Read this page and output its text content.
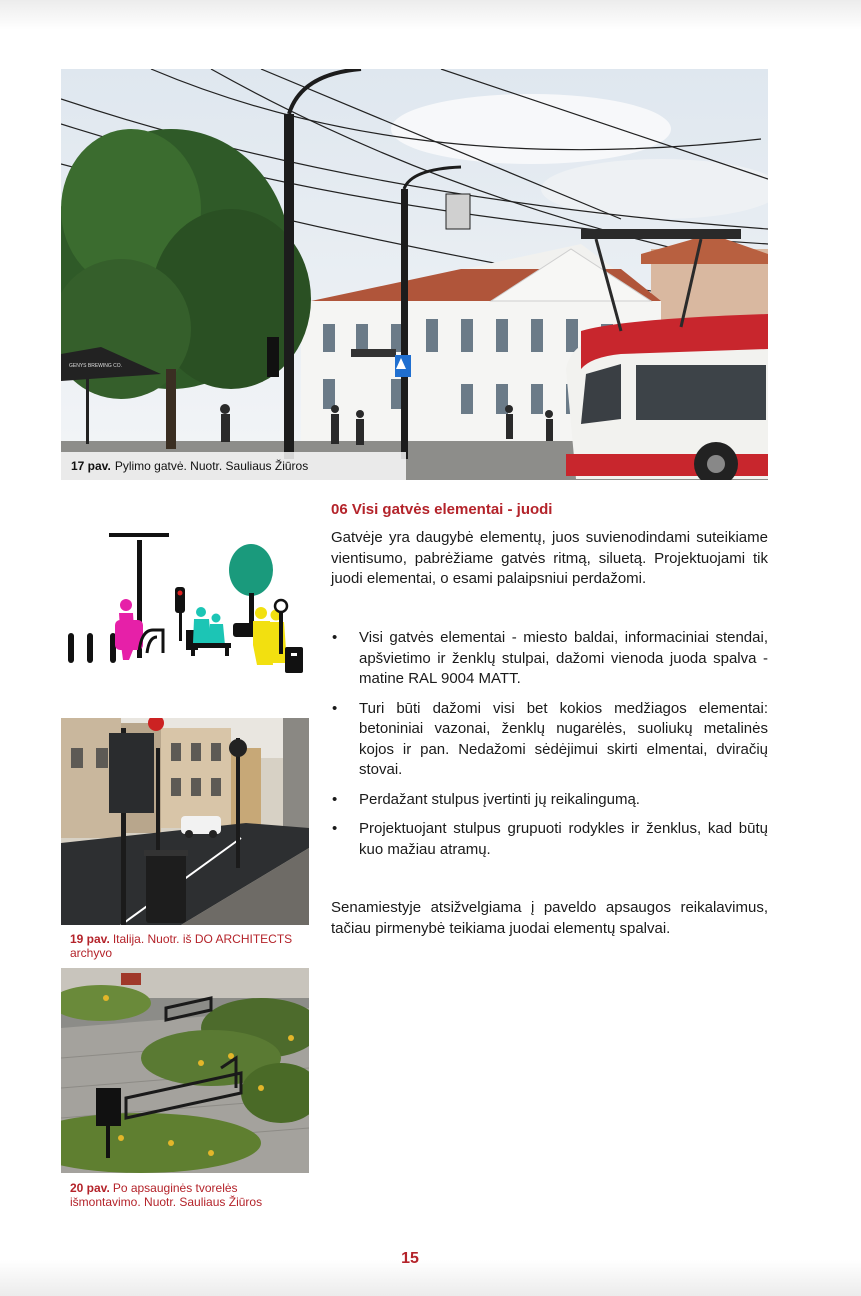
GENYS BREWING CO.
17 pav. Pylimo gatvė. Nuotr. Sauliaus Žiūros
19 pav. Italija. Nuotr. iš DO ARCHITECTS archyvo
20 pav. Po apsauginės tvorelės išmontavimo. Nuotr. Sauliaus Žiūros
06 Visi gatvės elementai - juodi
Gatvėje yra daugybė elementų, juos suvienodindami suteikiame vientisumo, pabrėžiame gatvės ritmą, siluetą. Projektuojami tik juodi elementai, o esami palaipsniui perdažomi.
• Visi gatvės elementai - miesto baldai, informaciniai stendai, apšvietimo ir ženklų stulpai, dažomi vienoda juoda spalva - matine RAL 9004 MATT.
• Turi būti dažomi visi bet kokios medžiagos elementai: betoniniai vazonai, ženklų nugarėlės, suoliukų metalinės kojos ir pan. Nedažomi sėdėjimui skirti elmentai, dviračių stovai.
• Perdažant stulpus įvertinti jų reikalingumą.
• Projektuojant stulpus grupuoti rodykles ir ženklus, kad būtų kuo mažiau atramų.
Senamiestyje atsižvelgiama į paveldo apsaugos reikalavimus, tačiau pirmenybė teikiama juodai elementų spalvai.
15
